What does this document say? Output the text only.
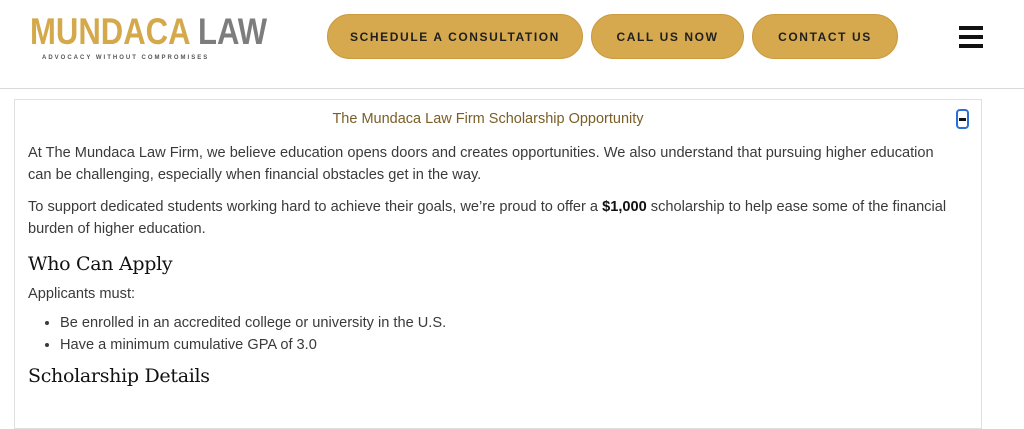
MUNDACA LAW
ADVOCACY WITHOUT COMPROMISES
SCHEDULE A CONSULTATION	CALL US NOW	CONTACT US
The Mundaca Law Firm Scholarship Opportunity

At The Mundaca Law Firm, we believe education opens doors and creates opportunities. We also understand that pursuing higher education can be challenging, especially when financial obstacles get in the way.

To support dedicated students working hard to achieve their goals, we’re proud to offer a $1,000 scholarship to help ease some of the financial burden of higher education.

Who Can Apply

Applicants must:

• Be enrolled in an accredited college or university in the U.S.
• Have a minimum cumulative GPA of 3.0
Scholarship Details
